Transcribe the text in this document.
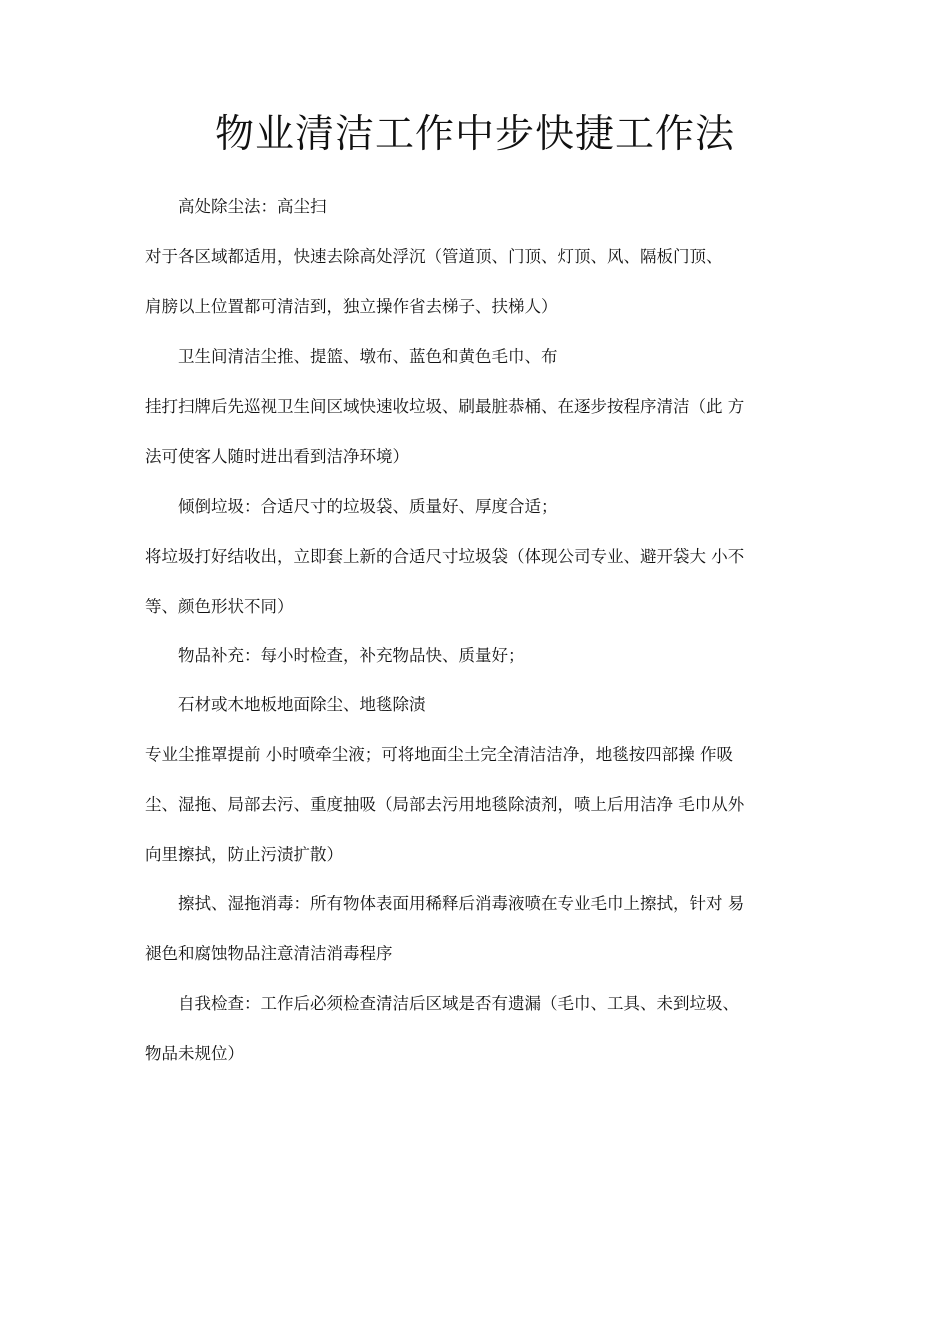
物业清洁工作中步快捷工作法

高处除尘法：高尘扫

对于各区域都适用，快速去除高处浮沉（管道顶、门顶、灯顶、风、隔板门顶、

肩膀以上位置都可清洁到，独立操作省去梯子、扶梯人）

卫生间清洁尘推、提篮、墩布、蓝色和黄色毛巾、布

挂打扫牌后先巡视卫生间区域快速收垃圾、刷最脏恭桶、在逐步按程序清洁（此 方

法可使客人随时进出看到洁净环境）

倾倒垃圾：合适尺寸的垃圾袋、质量好、厚度合适；

将垃圾打好结收出，立即套上新的合适尺寸垃圾袋（体现公司专业、避开袋大 小不

等、颜色形状不同）

物品补充：每小时检查，补充物品快、质量好；

石材或木地板地面除尘、地毯除渍

专业尘推罩提前 小时喷牵尘液；可将地面尘土完全清洁洁净，地毯按四部操 作吸

尘、湿拖、局部去污、重度抽吸（局部去污用地毯除渍剂，喷上后用洁净 毛巾从外

向里擦拭，防止污渍扩散）

擦拭、湿拖消毒：所有物体表面用稀释后消毒液喷在专业毛巾上擦拭，针对 易

褪色和腐蚀物品注意清洁消毒程序

自我检查：工作后必须检查清洁后区域是否有遗漏（毛巾、工具、未到垃圾、

物品未规位）
